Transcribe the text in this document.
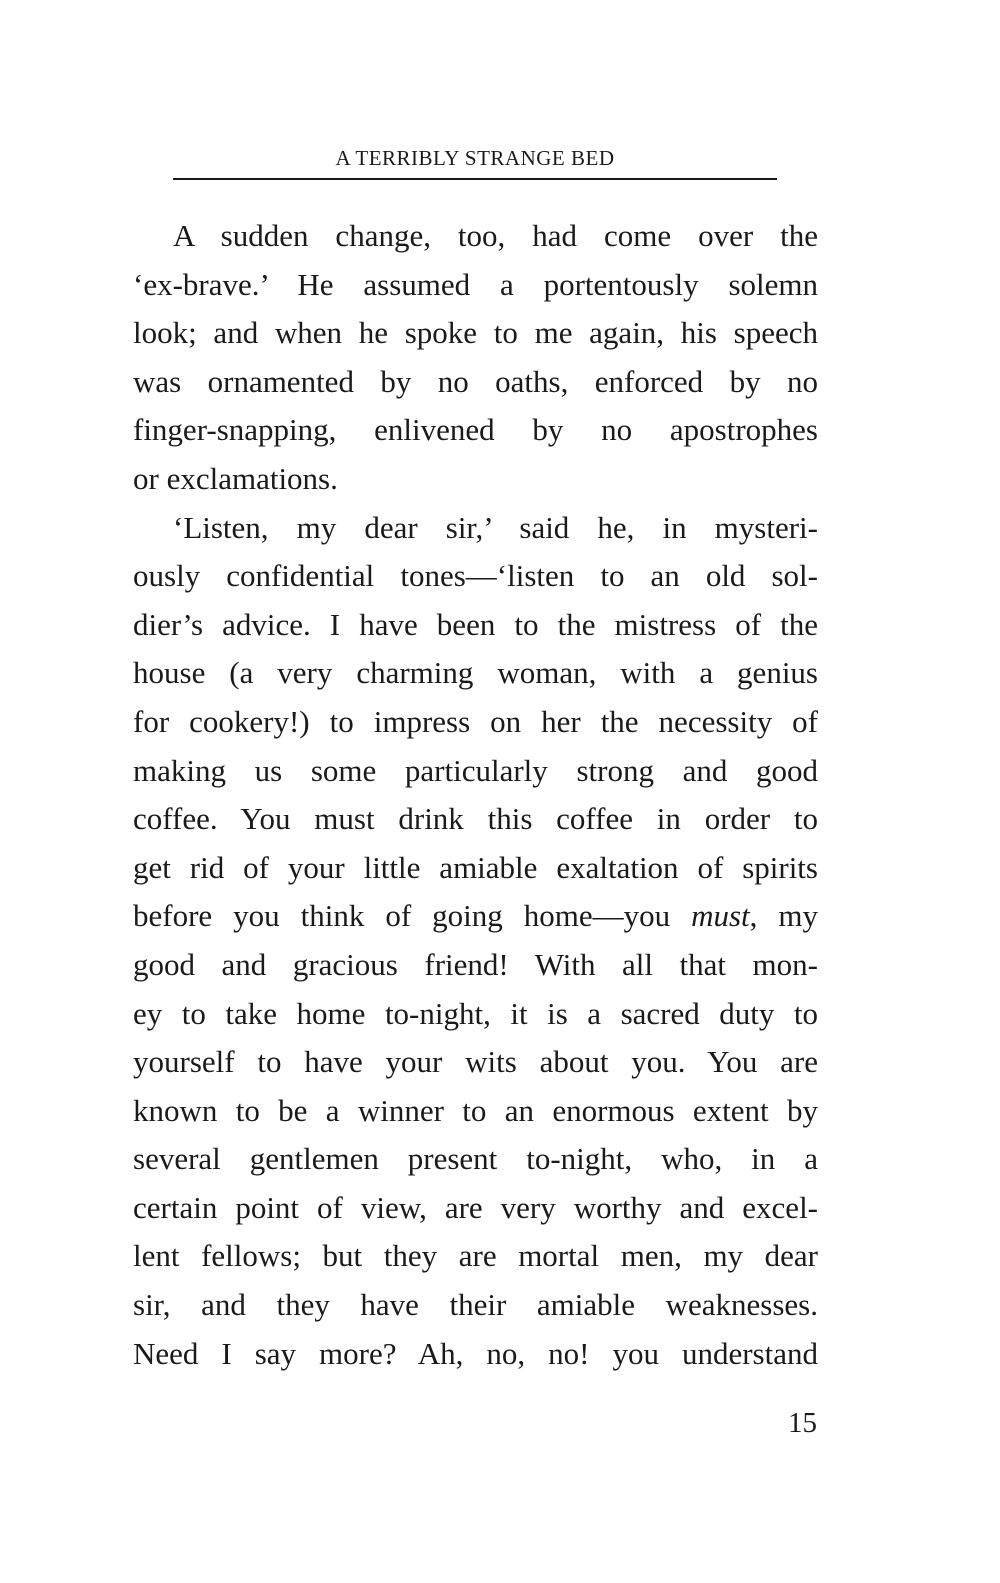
A TERRIBLY STRANGE BED
A sudden change, too, had come over the
‘ex-brave.’ He assumed a portentously solemn
look; and when he spoke to me again, his speech
was ornamented by no oaths, enforced by no
finger-snapping, enlivened by no apostrophes
or exclamations.
‘Listen, my dear sir,’ said he, in mysteri-
ously confidential tones—‘listen to an old sol-
dier’s advice. I have been to the mistress of the
house (a very charming woman, with a genius
for cookery!) to impress on her the necessity of
making us some particularly strong and good
coffee. You must drink this coffee in order to
get rid of your little amiable exaltation of spirits
before you think of going home—you must, my
good and gracious friend! With all that mon-
ey to take home to-night, it is a sacred duty to
yourself to have your wits about you. You are
known to be a winner to an enormous extent by
several gentlemen present to-night, who, in a
certain point of view, are very worthy and excel-
lent fellows; but they are mortal men, my dear
sir, and they have their amiable weaknesses.
Need I say more? Ah, no, no! you understand
15
